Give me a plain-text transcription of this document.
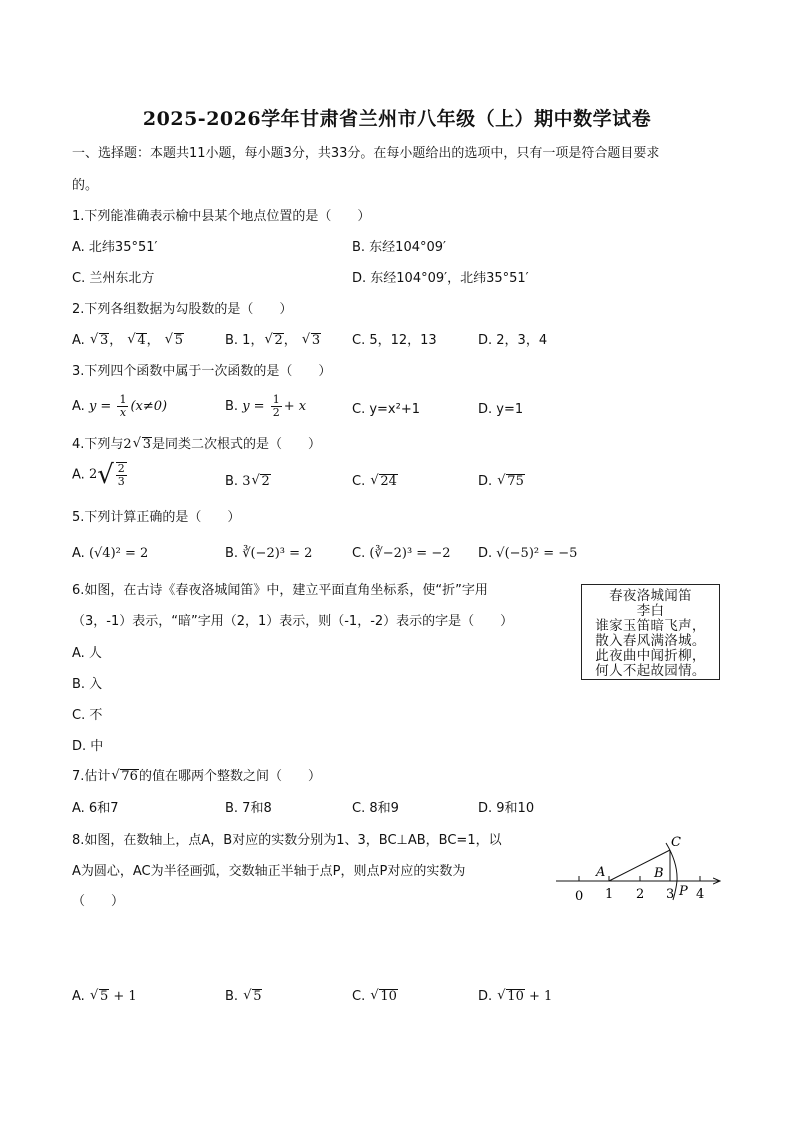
2025-2026学年甘肃省兰州市八年级（上）期中数学试卷
一、选择题：本题共11小题，每小题3分，共33分。在每小题给出的选项中，只有一项是符合题目要求
的。
1.下列能准确表示榆中县某个地点位置的是（　　）
A. 北纬35°51′	B. 东经104°09′
C. 兰州东北方	D. 东经104°09′，北纬35°51′
2.下列各组数据为勾股数的是（　　）
A. √ 3， √ 4， √ 5	B. 1， √ 2， √ 3 C. 5，12，13	D. 2，3，4
3.下列四个函数中属于一次函数的是（　　）
A. $y = \frac{1}{x} (x\ne 0)$	B. $y = \frac{1}{2} + x$	C. y=x²+1	D. y=1
4.下列与2 √ 3是同类二次根式的是（　　）
A. $2√ \frac{2}{3}$	B. 3 √ 2	C. √ 24	D. √ 75
5.下列计算正确的是（　　）
A. (√4)² = 2	B. ∛(−2)³ = 2	C. (∛−2)³ = −2 D. √(−5)² = −5
6.如图，在古诗《春夜洛城闻笛》中，建立平面直角坐标系，使“折”字用
（3，-1）表示，“暗”字用（2，1）表示，则（-1，-2）表示的字是（　　）
A. 人
B. 入
C. 不
D. 中
春夜洛城闻笛
李白
谁家玉笛暗飞声，
散入春风满洛城。
此夜曲中闻折柳，
何人不起故园情。
7.估计 √ 76的值在哪两个整数之间（　　）
A. 6和7	B. 7和8	C. 8和9	D. 9和10
8.如图，在数轴上，点A，B对应的实数分别为1、3，BC⊥AB，BC=1，以
A为圆心，AC为半径画弧，交数轴正半轴于点P，则点P对应的实数为
（　　）	0 1 2 3 4
A	B
C
P
A. √ 5 + 1	B. √ 5	C. √ 10	D. √ 10 + 1
